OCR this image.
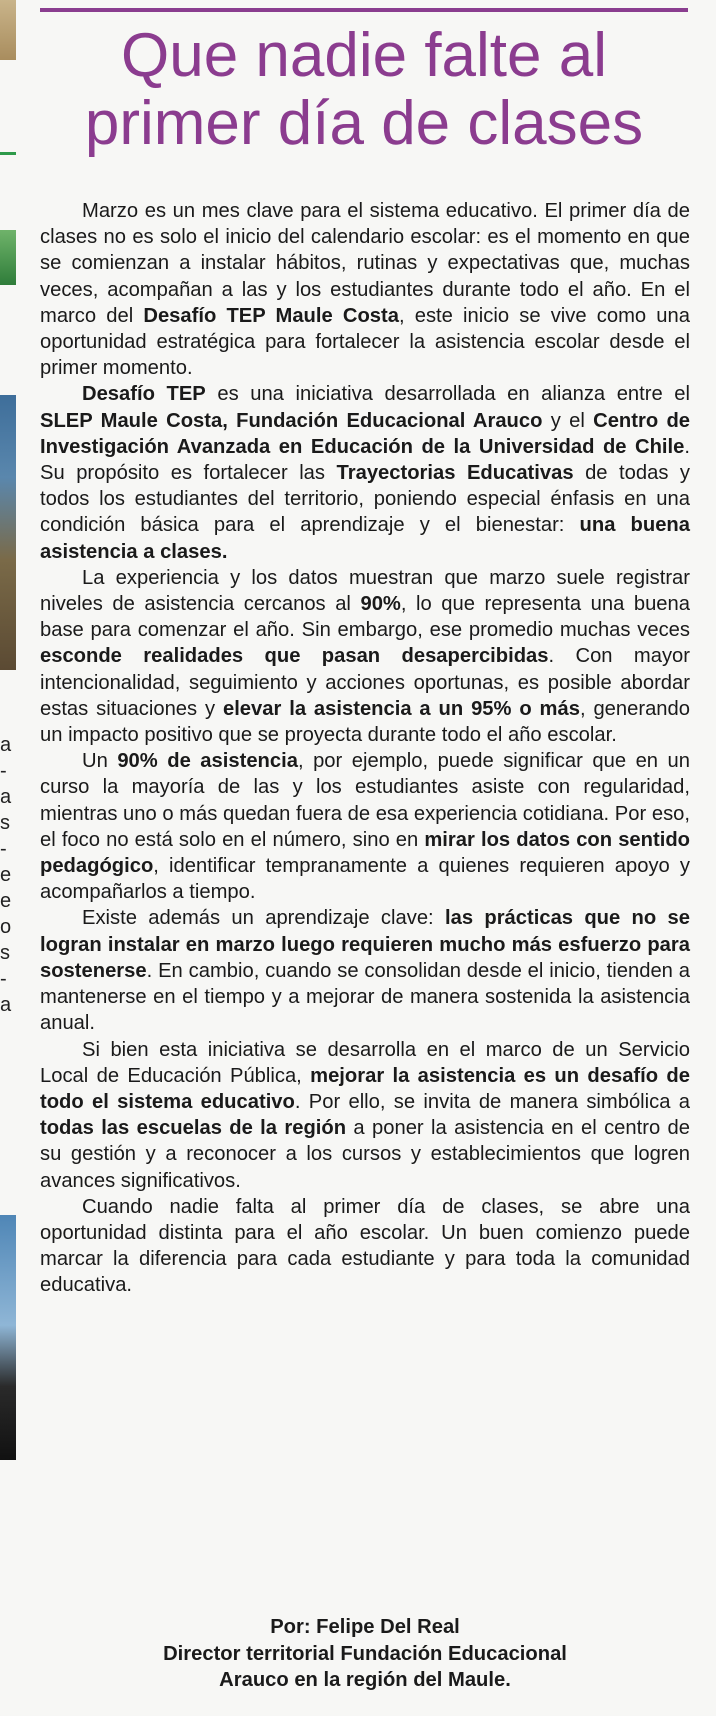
a
-
a
s
-
e
e
o
s
-
a
Que nadie falte al
primer día de clases

Marzo es un mes clave para el sistema educativo. El primer día de clases no es solo el inicio del calendario escolar: es el momento en que se comienzan a instalar hábitos, rutinas y expectativas que, muchas veces, acompañan a las y los estudiantes durante todo el año. En el marco del Desafío TEP Maule Costa, este inicio se vive como una oportunidad estratégica para fortalecer la asistencia escolar desde el primer momento.

Desafío TEP es una iniciativa desarrollada en alianza entre el SLEP Maule Costa, Fundación Educacional Arauco y el Centro de Investigación Avanzada en Educación de la Universidad de Chile. Su propósito es fortalecer las Trayectorias Educativas de todas y todos los estudiantes del territorio, poniendo especial énfasis en una condición básica para el aprendizaje y el bienestar: una buena asistencia a clases.

La experiencia y los datos muestran que marzo suele registrar niveles de asistencia cercanos al 90%, lo que representa una buena base para comenzar el año. Sin embargo, ese promedio muchas veces esconde realidades que pasan desapercibidas. Con mayor intencionalidad, seguimiento y acciones oportunas, es posible abordar estas situaciones y elevar la asistencia a un 95% o más, generando un impacto positivo que se proyecta durante todo el año escolar.

Un 90% de asistencia, por ejemplo, puede significar que en un curso la mayoría de las y los estudiantes asiste con regularidad, mientras uno o más quedan fuera de esa experiencia cotidiana. Por eso, el foco no está solo en el número, sino en mirar los datos con sentido pedagógico, identificar tempranamente a quienes requieren apoyo y acompañarlos a tiempo.

Existe además un aprendizaje clave: las prácticas que no se logran instalar en marzo luego requieren mucho más esfuerzo para sostenerse. En cambio, cuando se consolidan desde el inicio, tienden a mantenerse en el tiempo y a mejorar de manera sostenida la asistencia anual.

Si bien esta iniciativa se desarrolla en el marco de un Servicio Local de Educación Pública, mejorar la asistencia es un desafío de todo el sistema educativo. Por ello, se invita de manera simbólica a todas las escuelas de la región a poner la asistencia en el centro de su gestión y a reconocer a los cursos y establecimientos que logren avances significativos.

Cuando nadie falta al primer día de clases, se abre una oportunidad distinta para el año escolar. Un buen comienzo puede marcar la diferencia para cada estudiante y para toda la comunidad educativa.

Por: Felipe Del Real
Director territorial Fundación Educacional
Arauco en la región del Maule.
